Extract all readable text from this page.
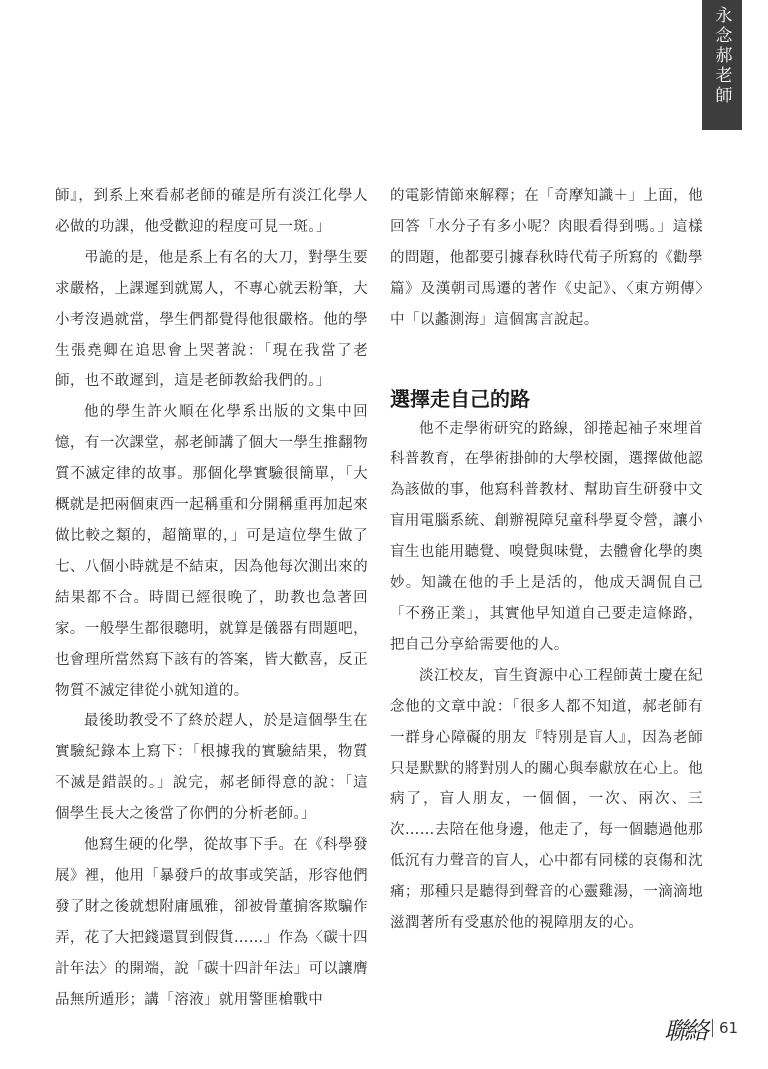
永念郝老師

師』，到系上來看郝老師的確是所有淡江化學人必做的功課，他受歡迎的程度可見一斑。」

弔詭的是，他是系上有名的大刀，對學生要求嚴格，上課遲到就罵人，不專心就丟粉筆，大小考沒過就當，學生們都覺得他很嚴格。他的學生張堯卿在追思會上哭著說：「現在我當了老師，也不敢遲到，這是老師教給我們的。」

他的學生許火順在化學系出版的文集中回憶，有一次課堂，郝老師講了個大一學生推翻物質不滅定律的故事。那個化學實驗很簡單，「大概就是把兩個東西一起稱重和分開稱重再加起來做比較之類的，超簡單的，」可是這位學生做了七、八個小時就是不結束，因為他每次測出來的結果都不合。時間已經很晚了，助教也急著回家。一般學生都很聰明，就算是儀器有問題吧，也會理所當然寫下該有的答案，皆大歡喜，反正物質不滅定律從小就知道的。

最後助教受不了終於趕人，於是這個學生在實驗紀錄本上寫下：「根據我的實驗結果，物質不滅是錯誤的。」說完，郝老師得意的說：「這個學生長大之後當了你們的分析老師。」

他寫生硬的化學，從故事下手。在《科學發展》裡，他用「暴發戶的故事或笑話，形容他們發了財之後就想附庸風雅，卻被骨董掮客欺騙作弄，花了大把錢還買到假貨……」作為〈碳十四計年法〉的開端，說「碳十四計年法」可以讓膺品無所遁形；講「溶液」就用警匪槍戰中

的電影情節來解釋；在「奇摩知識＋」上面，他回答「水分子有多小呢？肉眼看得到嗎。」這樣的問題，他都要引據春秋時代荀子所寫的《勸學篇》及漢朝司馬遷的著作《史記》、〈東方朔傳〉中「以蠡測海」這個寓言說起。

選擇走自己的路

他不走學術研究的路線，卻捲起袖子來埋首科普教育，在學術掛帥的大學校園，選擇做他認為該做的事，他寫科普教材、幫助盲生研發中文盲用電腦系統、創辦視障兒童科學夏令營，讓小盲生也能用聽覺、嗅覺與味覺，去體會化學的奧妙。知識在他的手上是活的，他成天調侃自己「不務正業」，其實他早知道自己要走這條路，把自己分享給需要他的人。

淡江校友，盲生資源中心工程師黃士慶在紀念他的文章中說：「很多人都不知道，郝老師有一群身心障礙的朋友『特別是盲人』，因為老師只是默默的將對別人的關心與奉獻放在心上。他病了，盲人朋友，一個個，一次、兩次、三次……去陪在他身邊，他走了，每一個聽過他那低沉有力聲音的盲人，心中都有同樣的哀傷和沈痛；那種只是聽得到聲音的心靈雞湯，一滴滴地滋潤著所有受惠於他的視障朋友的心。

聯絡 61
